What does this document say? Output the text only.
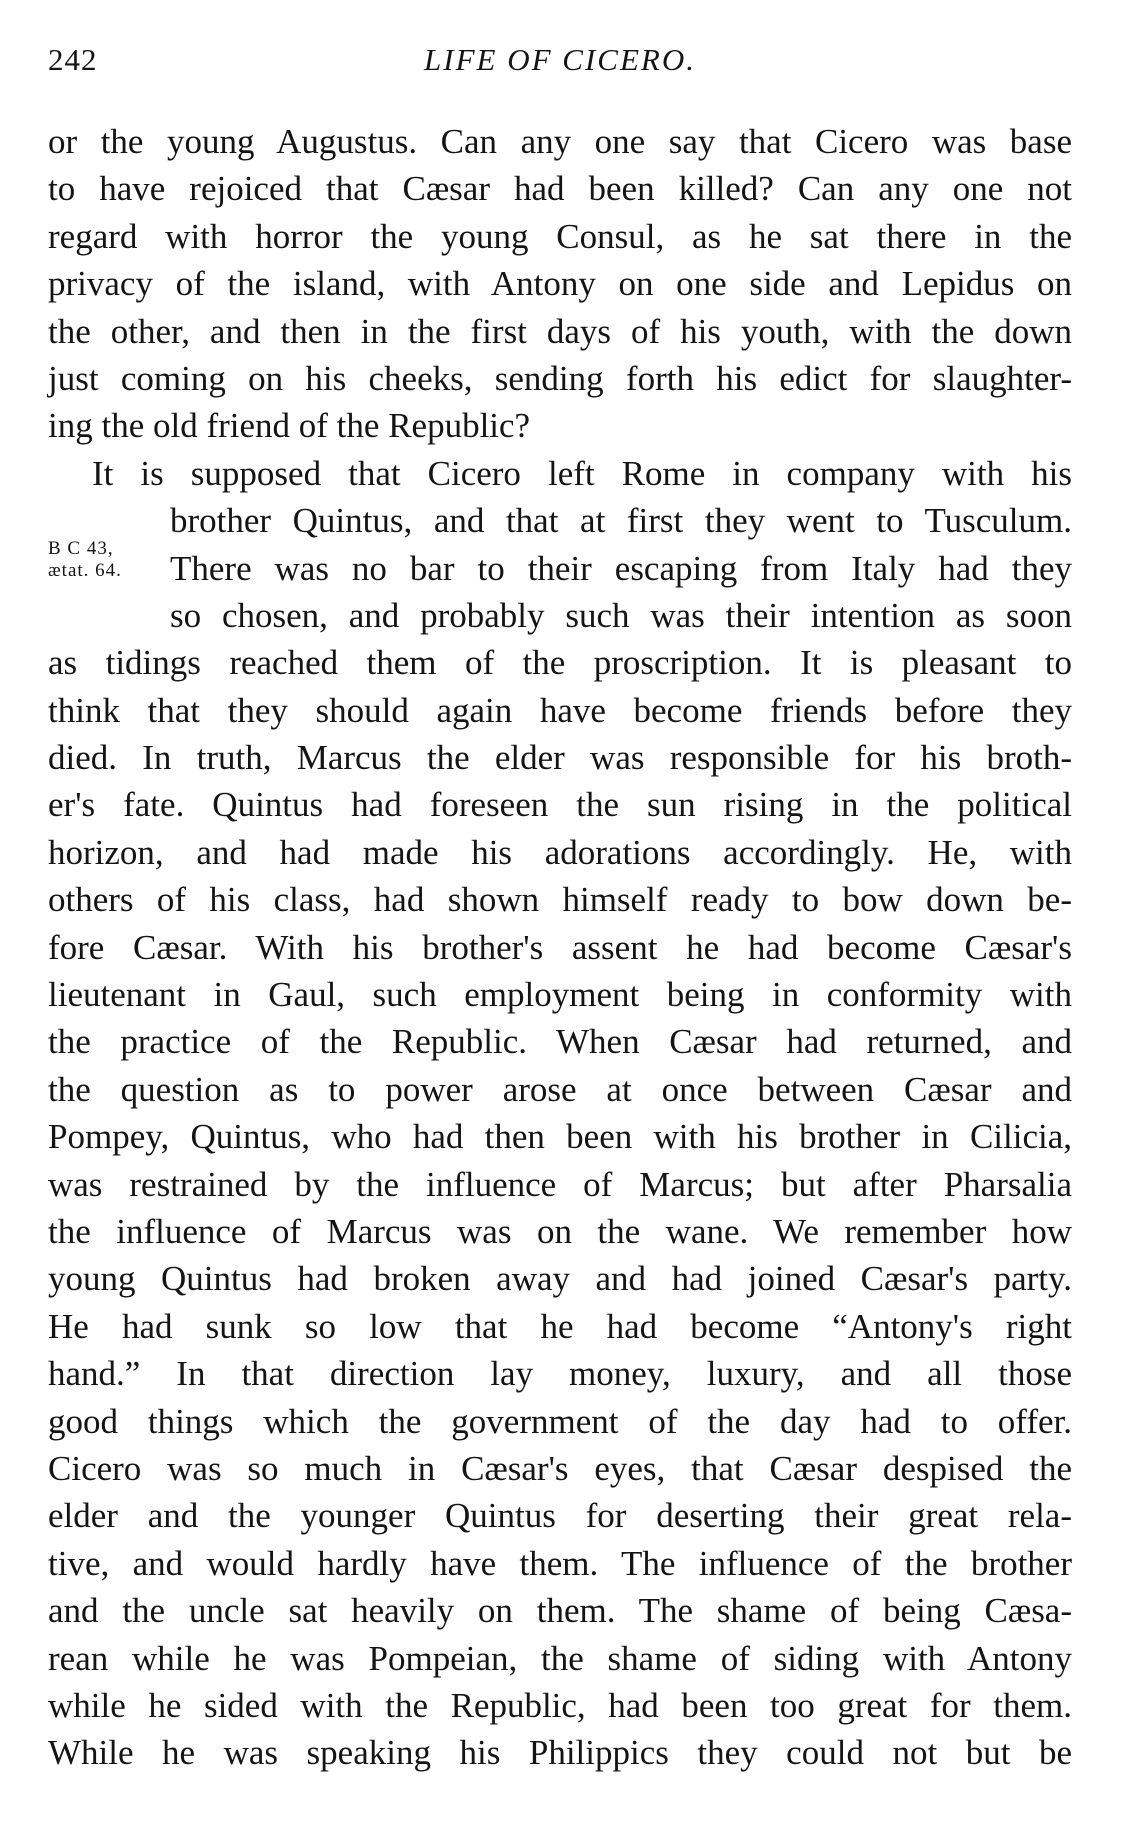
242	LIFE OF CICERO.
B C 43,
ætat. 64.
or the young Augustus. Can any one say that Cicero was base
to have rejoiced that Cæsar had been killed? Can any one not
regard with horror the young Consul, as he sat there in the
privacy of the island, with Antony on one side and Lepidus on
the other, and then in the first days of his youth, with the down
just coming on his cheeks, sending forth his edict for slaughter-
ing the old friend of the Republic?
It is supposed that Cicero left Rome in company with his
brother Quintus, and that at first they went to Tusculum.
There was no bar to their escaping from Italy had they
so chosen, and probably such was their intention as soon
as tidings reached them of the proscription. It is pleasant to
think that they should again have become friends before they
died. In truth, Marcus the elder was responsible for his broth-
er's fate. Quintus had foreseen the sun rising in the political
horizon, and had made his adorations accordingly. He, with
others of his class, had shown himself ready to bow down be-
fore Cæsar. With his brother's assent he had become Cæsar's
lieutenant in Gaul, such employment being in conformity with
the practice of the Republic. When Cæsar had returned, and
the question as to power arose at once between Cæsar and
Pompey, Quintus, who had then been with his brother in Cilicia,
was restrained by the influence of Marcus; but after Pharsalia
the influence of Marcus was on the wane. We remember how
young Quintus had broken away and had joined Cæsar's party.
He had sunk so low that he had become “Antony's right
hand.” In that direction lay money, luxury, and all those
good things which the government of the day had to offer.
Cicero was so much in Cæsar's eyes, that Cæsar despised the
elder and the younger Quintus for deserting their great rela-
tive, and would hardly have them. The influence of the brother
and the uncle sat heavily on them. The shame of being Cæsa-
rean while he was Pompeian, the shame of siding with Antony
while he sided with the Republic, had been too great for them.
While he was speaking his Philippics they could not but be
